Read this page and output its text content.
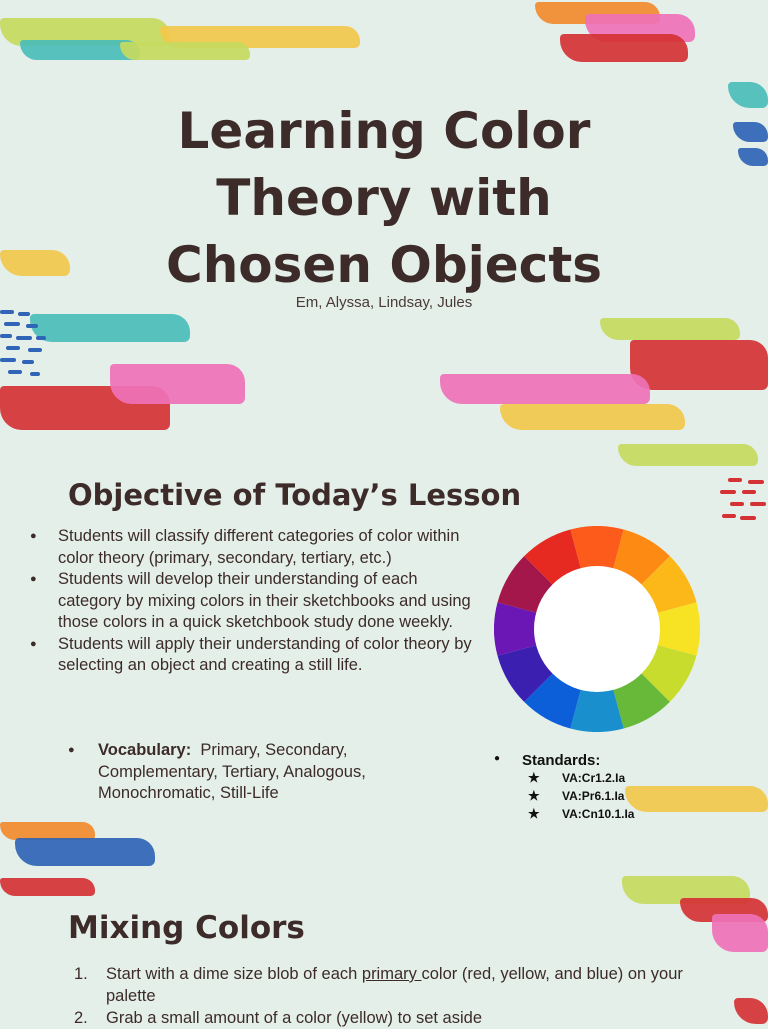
Learning Color
Theory with
Chosen Objects
Em, Alyssa, Lindsay, Jules
Objective of Today’s Lesson
● Students will classify different categories of color within color theory (primary, secondary, tertiary, etc.)
● Students will develop their understanding of each category by mixing colors in their sketchbooks and using those colors in a quick sketchbook study done weekly.
● Students will apply their understanding of color theory by selecting an object and creating a still life.
●	Vocabulary: Primary, Secondary, Complementary, Tertiary, Analogous, Monochromatic, Still-Life
● Standards:
★ VA:Cr1.2.Ia
★ VA:Pr6.1.Ia
★ VA:Cn10.1.Ia
Mixing Colors
1. Start with a dime size blob of each primary color (red, yellow, and blue) on your palette
2. Grab a small amount of a color (yellow) to set aside
